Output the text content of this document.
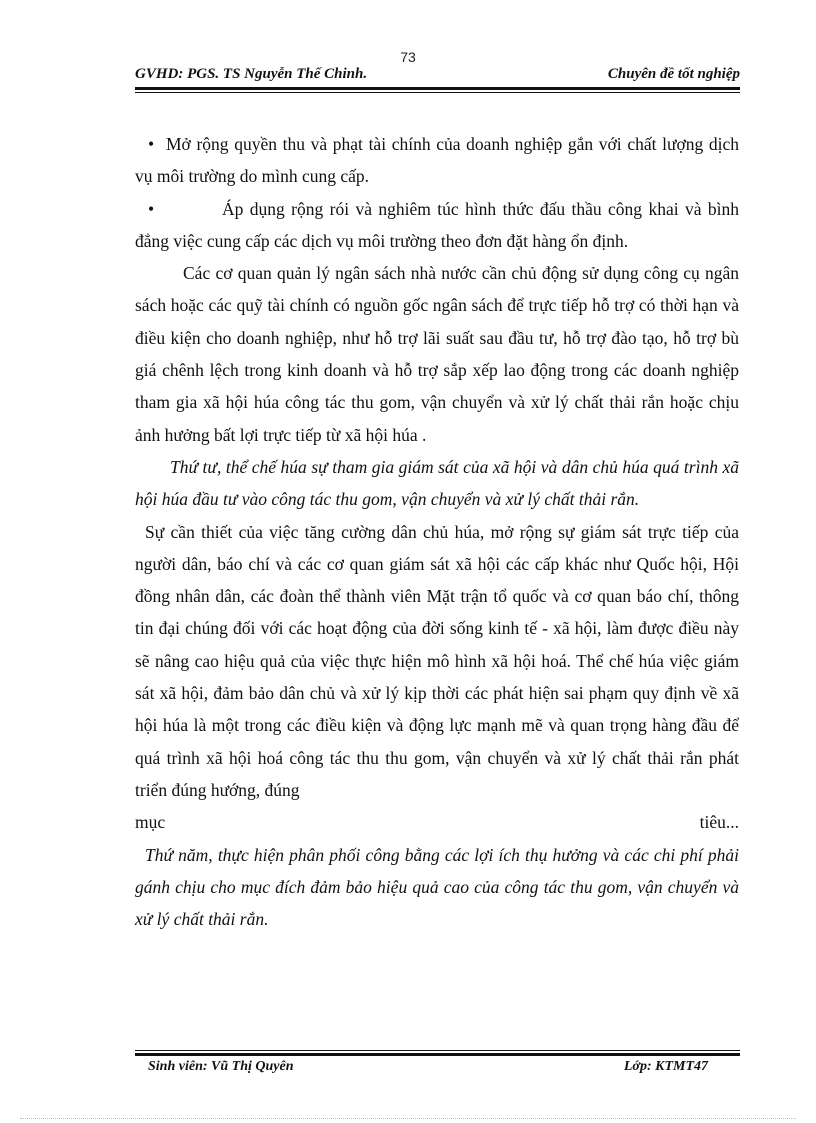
73
GVHD: PGS. TS Nguyễn Thế Chinh.	Chuyên đề tốt nghiệp

• Mở rộng quyền thu và phạt tài chính của doanh nghiệp gắn với chất lượng dịch vụ môi trường do mình cung cấp.

•	Áp dụng rộng rói và nghiêm túc hình thức đấu thầu công khai và bình đẳng việc cung cấp các dịch vụ môi trường theo đơn đặt hàng ổn định.

Các cơ quan quản lý ngân sách nhà nước cần chủ động sử dụng công cụ ngân sách hoặc các quỹ tài chính có nguồn gốc ngân sách để trực tiếp hỗ trợ có thời hạn và điều kiện cho doanh nghiệp, như hỗ trợ lãi suất sau đầu tư, hỗ trợ đào tạo, hỗ trợ bù giá chênh lệch trong kinh doanh và hỗ trợ sắp xếp lao động trong các doanh nghiệp tham gia xã hội húa công tác thu gom, vận chuyển và xử lý chất thải rắn hoặc chịu ảnh hưởng bất lợi trực tiếp từ xã hội húa .

Thứ tư, thể chế húa sự tham gia giám sát của xã hội và dân chủ húa quá trình xã hội húa đầu tư vào công tác thu gom, vận chuyển và xử lý chất thải rắn.

Sự cần thiết của việc tăng cường dân chủ húa, mở rộng sự giám sát trực tiếp của người dân, báo chí và các cơ quan giám sát xã hội các cấp khác như Quốc hội, Hội đồng nhân dân, các đoàn thể thành viên Mặt trận tổ quốc và cơ quan báo chí, thông tin đại chúng đối với các hoạt động của đời sống kinh tế - xã hội, làm được điều này sẽ nâng cao hiệu quả của việc thực hiện mô hình xã hội hoá. Thể chế húa việc giám sát xã hội, đảm bảo dân chủ và xử lý kịp thời các phát hiện sai phạm quy định về xã hội húa là một trong các điều kiện và động lực mạnh mẽ và quan trọng hàng đầu để quá trình xã hội hoá công tác thu thu gom, vận chuyển và xử lý chất thải rắn phát triển đúng hướng, đúng

mục	tiêu...

Thứ năm, thực hiện phân phối công bằng các lợi ích thụ hưởng và các chi phí phải gánh chịu cho mục đích đảm bảo hiệu quả cao của công tác thu gom, vận chuyển và xử lý chất thải rắn.

Sinh viên: Vũ Thị Quyên	Lớp: KTMT47
